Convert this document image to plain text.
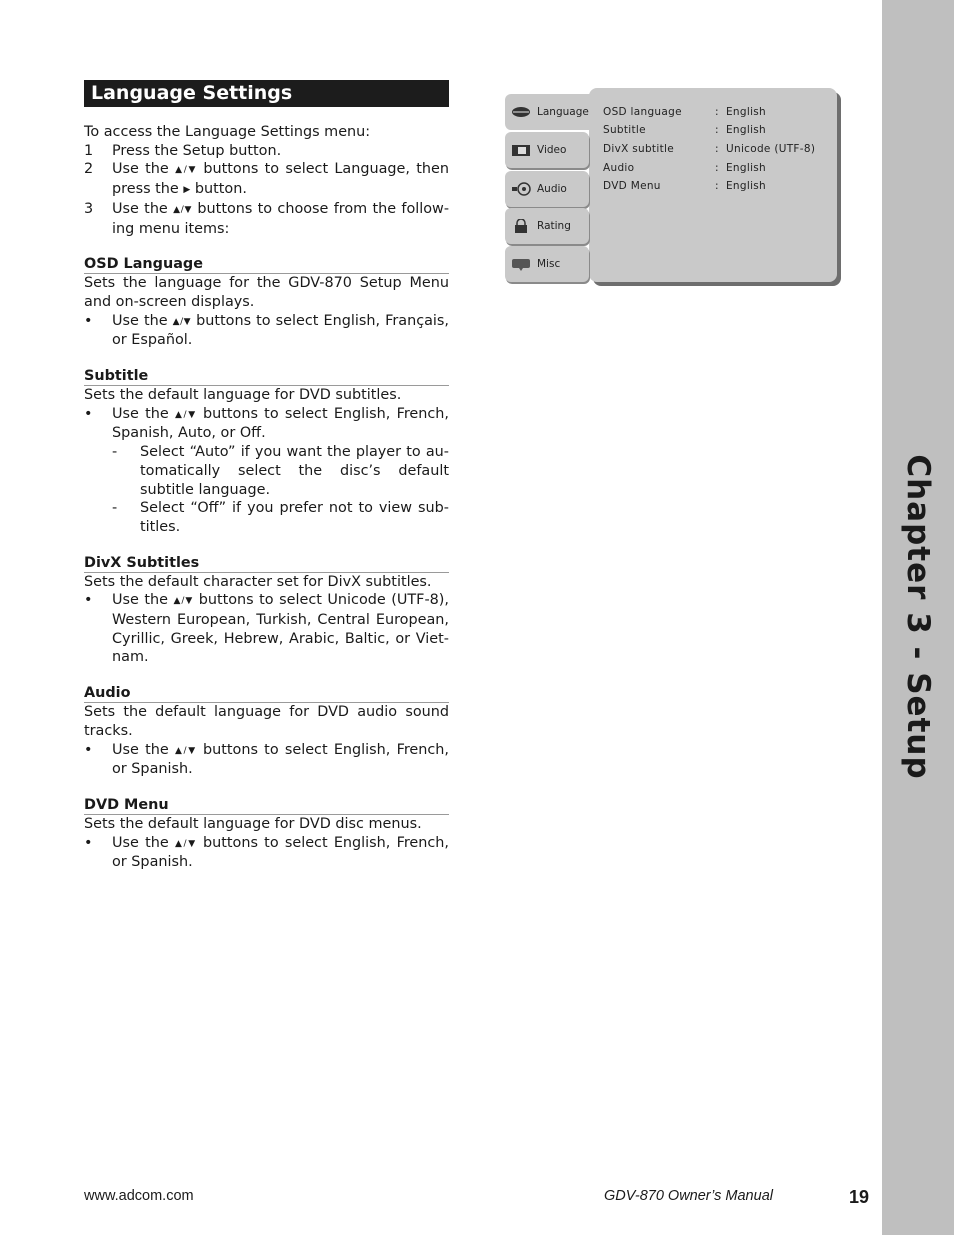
Chapter 3 - Setup
Language Settings

To access the Language Settings menu:

1	Press the Setup button.
2	Use the ▲/▼ buttons to select Language, then press the ▶ button.
3	Use the ▲/▼ buttons to choose from the follow-ing menu items:
OSD Language

Sets the language for the GDV-870 Setup Menu and on-screen displays.

•	Use the ▲/▼ buttons to select English, Français, or Español.
Subtitle

Sets the default language for DVD subtitles.

•	Use the ▲/▼ buttons to select English, French, Spanish, Auto, or Off.
-	Select “Auto” if you want the player to au-tomatically select the disc’s default subtitle language.
-	Select “Off” if you prefer not to view sub-titles.
DivX Subtitles

Sets the default character set for DivX subtitles.

•	Use the ▲/▼ buttons to select Unicode (UTF-8), Western European, Turkish, Central European, Cyrillic, Greek, Hebrew, Arabic, Baltic, or Viet-nam.
Audio

Sets the default language for DVD audio sound tracks.

•	Use the ▲/▼ buttons to select English, French, or Spanish.
DVD Menu

Sets the default language for DVD disc menus.

•	Use the ▲/▼ buttons to select English, French, or Spanish.
Language
Video
Audio
Rating
Misc
OSD language	: English
Subtitle	: English
DivX subtitle	: Unicode (UTF-8)
Audio	: English
DVD Menu	: English
www.adcom.com	GDV-870 Owner’s Manual	19
